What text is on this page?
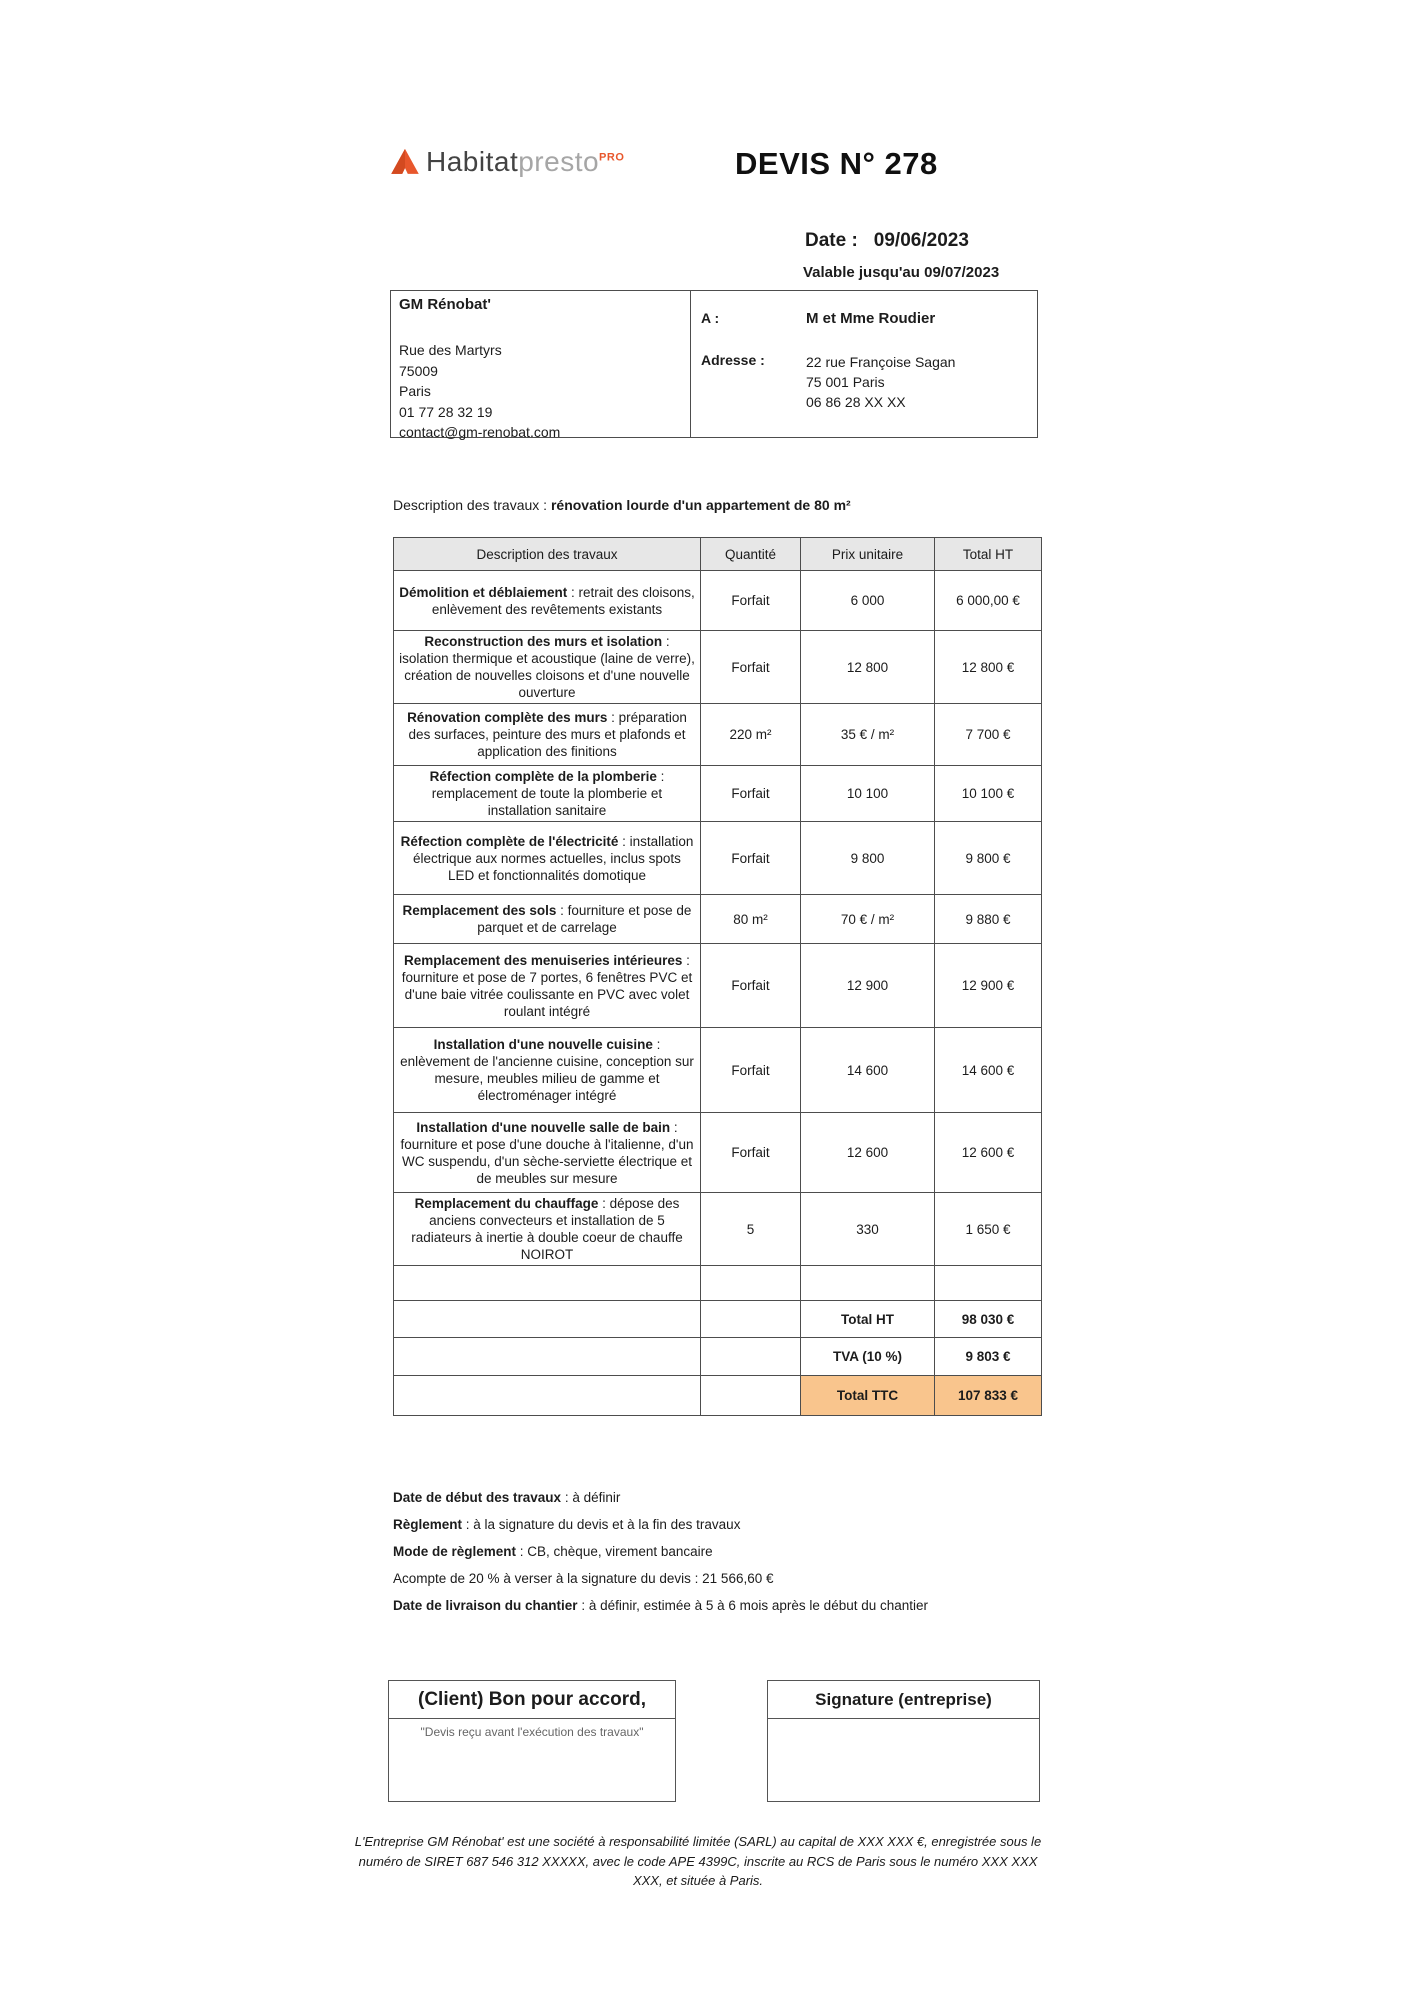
Habitatpresto$^{PRO}$	DEVIS N° 278
Date : 09/06/2023
Valable jusqu'au 09/07/2023
GM Rénobat'
Rue des Martyrs
75009
Paris
01 77 28 32 19
contact@gm-renobat.com
A :	M et Mme Roudier
Adresse :	22 rue Françoise Sagan
75 001 Paris
06 86 28 XX XX
Description des travaux : rénovation lourde d'un appartement de 80 m²
Description des travaux	Quantité	Prix unitaire	Total HT
Démolition et déblaiement : retrait des cloisons, enlèvement des revêtements existants	Forfait	6 000	6 000,00 €
Reconstruction des murs et isolation : isolation thermique et acoustique (laine de verre), création de nouvelles cloisons et d'une nouvelle ouverture	Forfait	12 800	12 800 €
Rénovation complète des murs : préparation des surfaces, peinture des murs et plafonds et application des finitions	220 m²	35 € / m²	7 700 €
Réfection complète de la plomberie : remplacement de toute la plomberie et installation sanitaire	Forfait	10 100	10 100 €
Réfection complète de l'électricité : installation électrique aux normes actuelles, inclus spots LED et fonctionnalités domotique	Forfait	9 800	9 800 €
Remplacement des sols : fourniture et pose de parquet et de carrelage	80 m²	70 € / m²	9 880 €
Remplacement des menuiseries intérieures : fourniture et pose de 7 portes, 6 fenêtres PVC et d'une baie vitrée coulissante en PVC avec volet roulant intégré	Forfait	12 900	12 900 €
Installation d'une nouvelle cuisine : enlèvement de l'ancienne cuisine, conception sur mesure, meubles milieu de gamme et électroménager intégré	Forfait	14 600	14 600 €
Installation d'une nouvelle salle de bain : fourniture et pose d'une douche à l'italienne, d'un WC suspendu, d'un sèche-serviette électrique et de meubles sur mesure	Forfait	12 600	12 600 €
Remplacement du chauffage : dépose des anciens convecteurs et installation de 5 radiateurs à inertie à double coeur de chauffe NOIROT	5	330	1 650 €

		Total HT	98 030 €
		TVA (10 %)	9 803 €
		Total TTC	107 833 €

Date de début des travaux : à définir

Règlement : à la signature du devis et à la fin des travaux

Mode de règlement : CB, chèque, virement bancaire

Acompte de 20 % à verser à la signature du devis : 21 566,60 €

Date de livraison du chantier : à définir, estimée à 5 à 6 mois après le début du chantier

(Client) Bon pour accord,
"Devis reçu avant l'exécution des travaux"
Signature (entreprise)
L'Entreprise GM Rénobat' est une société à responsabilité limitée (SARL) au capital de XXX XXX €, enregistrée sous le numéro de SIRET 687 546 312 XXXXX, avec le code APE 4399C, inscrite au RCS de Paris sous le numéro XXX XXX XXX, et située à Paris.
